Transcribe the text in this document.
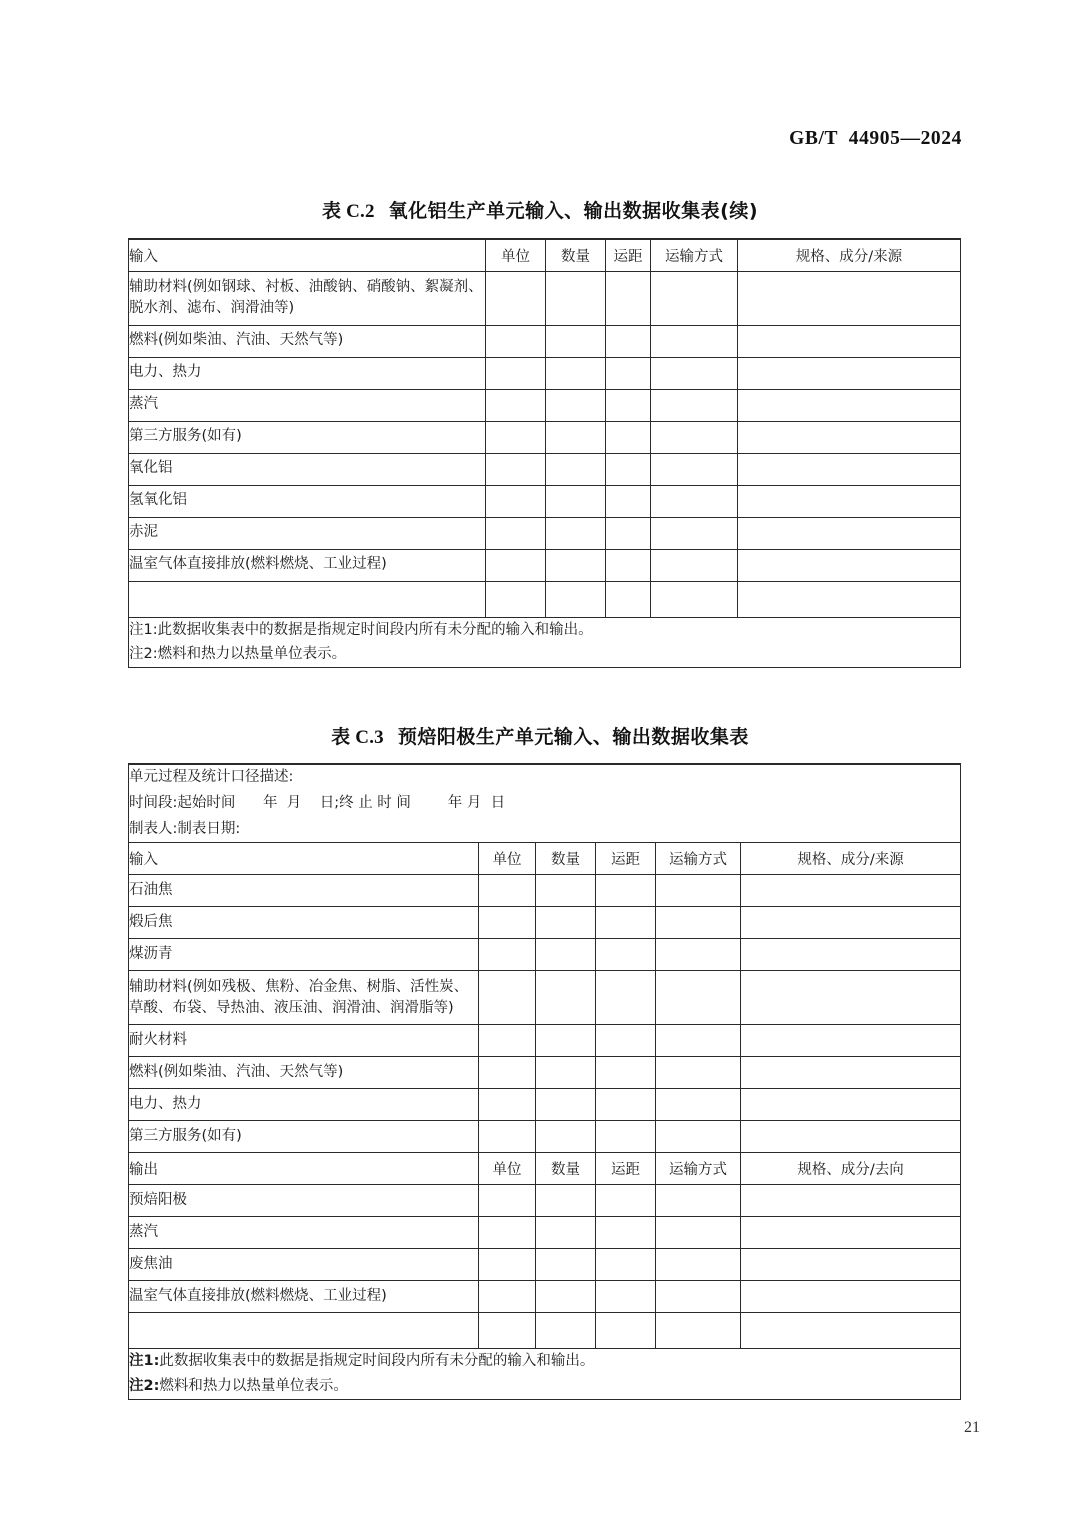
GB/T  44905—2024
表 C.2 氧化铝生产单元输入、输出数据收集表(续)
输入	单位	数量	运距	运输方式	规格、成分/来源
辅助材料(例如钢球、衬板、油酸钠、硝酸钠、絮凝剂、脱水剂、滤布、润滑油等)					
燃料(例如柴油、汽油、天然气等)					
电力、热力					
蒸汽					
第三方服务(如有)					
氧化铝					
氢氧化铝					
赤泥					
温室气体直接排放(燃料燃烧、工业过程)					

注1:此数据收集表中的数据是指规定时间段内所有未分配的输入和输出。
注2:燃料和热力以热量单位表示。					
表 C.3 预焙阳极生产单元输入、输出数据收集表
单元过程及统计口径描述:
时间段:起始时间      年  月    日;终 止 时 间        年 月  日
制表人:制表日期:					

输入	单位	数量	运距	运输方式	规格、成分/来源
石油焦					
煅后焦					
煤沥青					
辅助材料(例如残极、焦粉、冶金焦、树脂、活性炭、草酸、布袋、导热油、液压油、润滑油、润滑脂等)					
耐火材料					
燃料(例如柴油、汽油、天然气等)					
电力、热力					
第三方服务(如有)					
输出	单位	数量	运距	运输方式	规格、成分/去向
预焙阳极					
蒸汽					
废焦油					
温室气体直接排放(燃料燃烧、工业过程)					

注1:此数据收集表中的数据是指规定时间段内所有未分配的输入和输出。
注2:燃料和热力以热量单位表示。					
21
